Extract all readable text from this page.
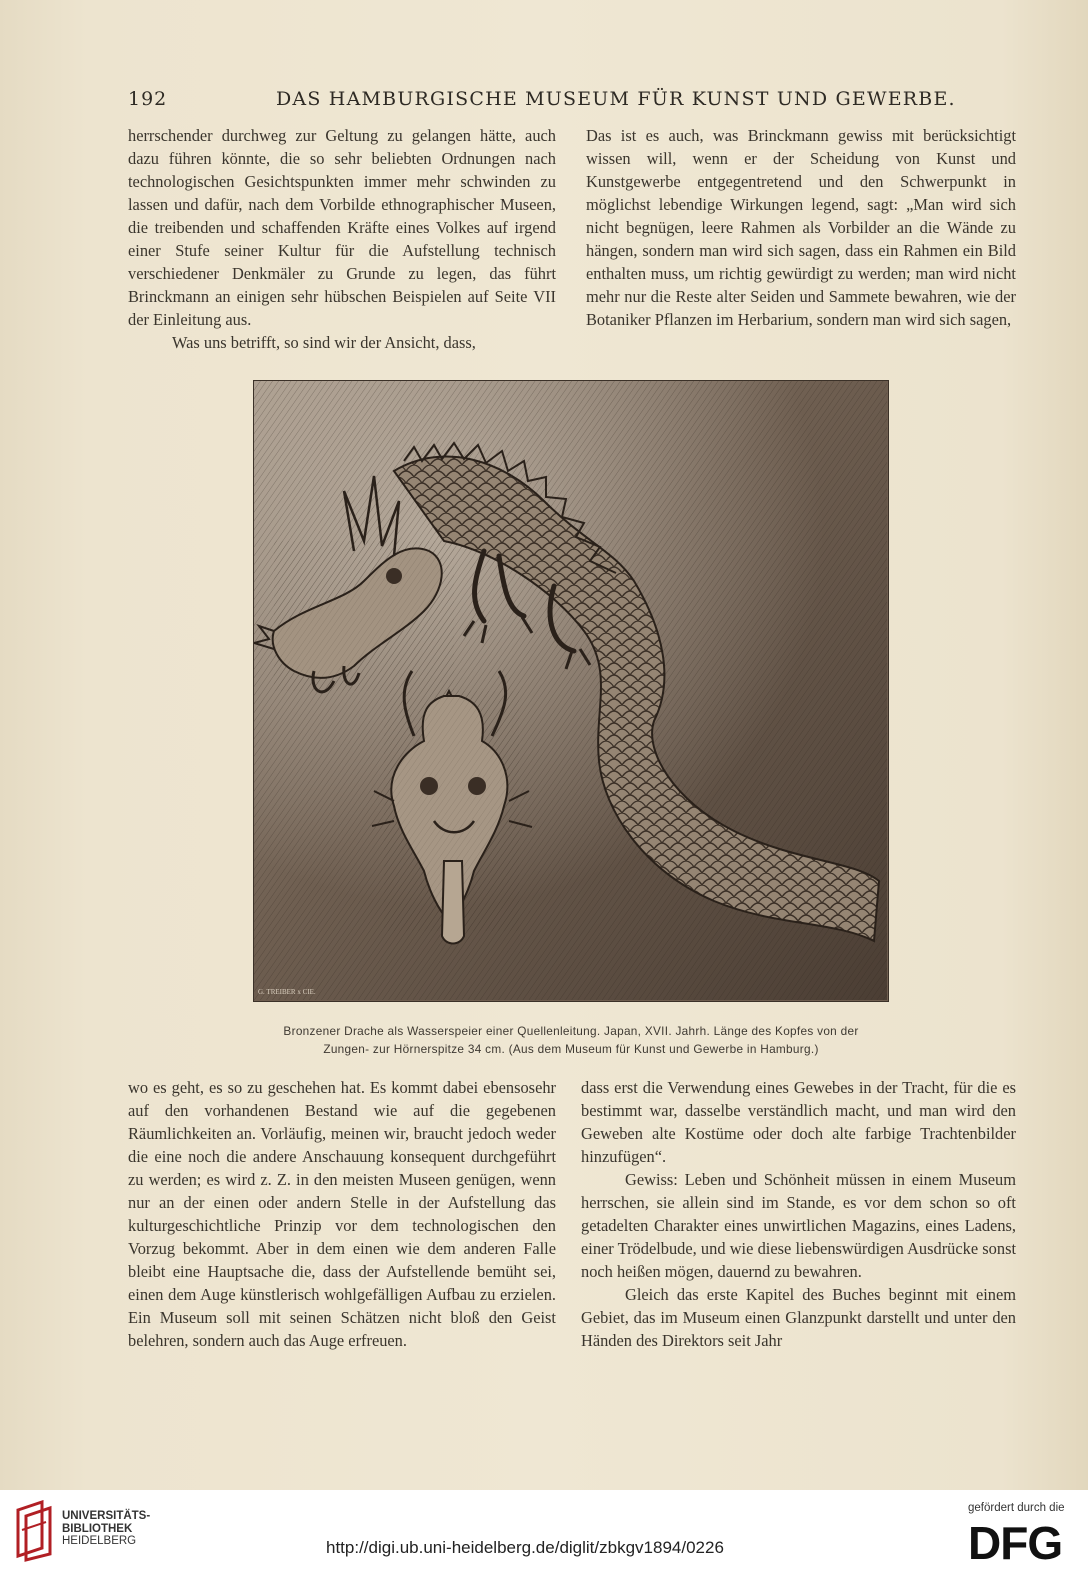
192	DAS HAMBURGISCHE MUSEUM FÜR KUNST UND GEWERBE.

herrschender durchweg zur Geltung zu gelangen hätte, auch dazu führen könnte, die so sehr beliebten Ordnungen nach technologischen Gesichtspunkten immer mehr schwinden zu lassen und dafür, nach dem Vorbilde ethnographischer Museen, die treibenden und schaffenden Kräfte eines Volkes auf irgend einer Stufe seiner Kultur für die Aufstellung technisch verschiedener Denkmäler zu Grunde zu legen, das führt Brinckmann an einigen sehr hübschen Beispielen auf Seite VII der Einleitung aus.

Was uns betrifft, so sind wir der Ansicht, dass,

Das ist es auch, was Brinckmann gewiss mit berücksichtigt wissen will, wenn er der Scheidung von Kunst und Kunstgewerbe entgegentretend und den Schwerpunkt in möglichst lebendige Wirkungen legend, sagt: „Man wird sich nicht begnügen, leere Rahmen als Vorbilder an die Wände zu hängen, sondern man wird sich sagen, dass ein Rahmen ein Bild enthalten muss, um richtig gewürdigt zu werden; man wird nicht mehr nur die Reste alter Seiden und Sammete bewahren, wie der Botaniker Pflanzen im Herbarium, sondern man wird sich sagen,

G. TREIBER x CIE.
Bronzener Drache als Wasserspeier einer Quellenleitung. Japan, XVII. Jahrh. Länge des Kopfes von der
Zungen- zur Hörnerspitze 34 cm. (Aus dem Museum für Kunst und Gewerbe in Hamburg.)

wo es geht, es so zu geschehen hat. Es kommt dabei ebensosehr auf den vorhandenen Bestand wie auf die gegebenen Räumlichkeiten an. Vorläufig, meinen wir, braucht jedoch weder die eine noch die andere Anschauung konsequent durchgeführt zu werden; es wird z. Z. in den meisten Museen genügen, wenn nur an der einen oder andern Stelle in der Aufstellung das kulturgeschichtliche Prinzip vor dem technologischen den Vorzug bekommt. Aber in dem einen wie dem anderen Falle bleibt eine Hauptsache die, dass der Aufstellende bemüht sei, einen dem Auge künstlerisch wohlgefälligen Aufbau zu erzielen. Ein Museum soll mit seinen Schätzen nicht bloß den Geist belehren, sondern auch das Auge erfreuen.

dass erst die Verwendung eines Gewebes in der Tracht, für die es bestimmt war, dasselbe verständlich macht, und man wird den Geweben alte Kostüme oder doch alte farbige Trachtenbilder hinzufügen“.

Gewiss: Leben und Schönheit müssen in einem Museum herrschen, sie allein sind im Stande, es vor dem schon so oft getadelten Charakter eines unwirtlichen Magazins, eines Ladens, einer Trödelbude, und wie diese liebenswürdigen Ausdrücke sonst noch heißen mögen, dauernd zu bewahren.

Gleich das erste Kapitel des Buches beginnt mit einem Gebiet, das im Museum einen Glanzpunkt darstellt und unter den Händen des Direktors seit Jahr

UNIVERSITÄTS-
BIBLIOTHEK
HEIDELBERG	http://digi.ub.uni-heidelberg.de/diglit/zbkgv1894/0226
gefördert durch die
DFG
